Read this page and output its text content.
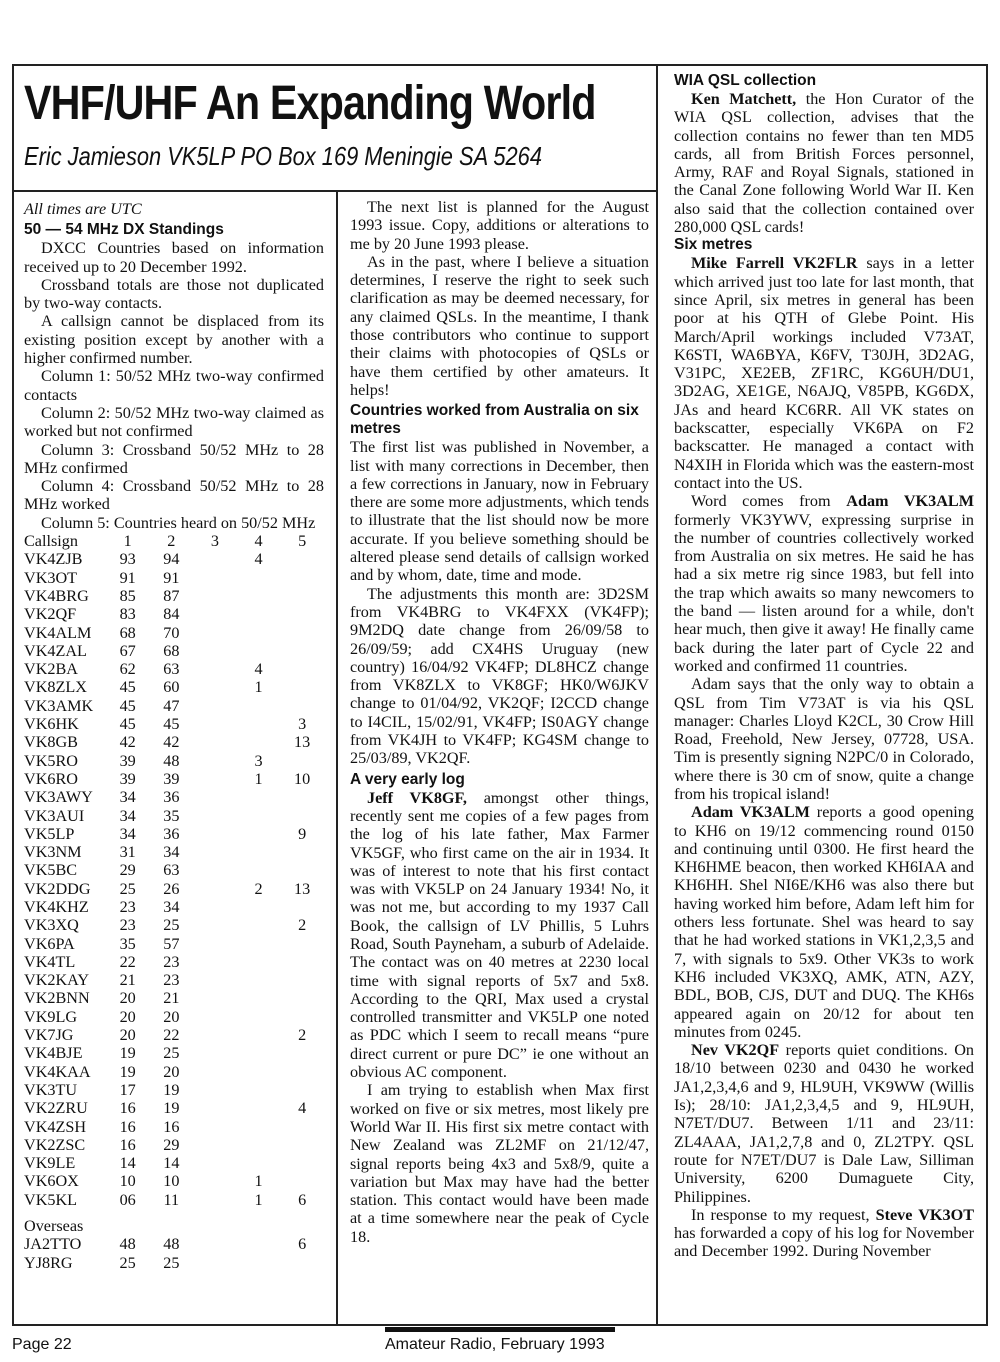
VHF/UHF An Expanding World
Eric Jamieson VK5LP PO Box 169 Meningie SA 5264

All times are UTC

50 — 54 MHz DX Standings

DXCC Countries based on information received up to 20 December 1992.

Crossband totals are those not duplicated by two-way contacts.

A callsign cannot be displaced from its existing position except by another with a higher confirmed number.

Column 1: 50/52 MHz two-way confirmed contacts

Column 2: 50/52 MHz two-way claimed as worked but not confirmed

Column 3: Crossband 50/52 MHz to 28 MHz confirmed

Column 4: Crossband 50/52 MHz to 28 MHz worked

Column 5: Countries heard on 50/52 MHz

Callsign	1	2	3	4	5
VK4ZJB	93	94		4	
VK3OT	91	91			
VK4BRG	85	87			
VK2QF	83	84			
VK4ALM	68	70			
VK4ZAL	67	68			
VK2BA	62	63		4	
VK8ZLX	45	60		1	
VK3AMK	45	47			
VK6HK	45	45			3
VK8GB	42	42			13
VK5RO	39	48		3	
VK6RO	39	39		1	10
VK3AWY	34	36			
VK3AUI	34	35			
VK5LP	34	36			9
VK3NM	31	34			
VK5BC	29	63			
VK2DDG	25	26		2	13
VK4KHZ	23	34			
VK3XQ	23	25			2
VK6PA	35	57			
VK4TL	22	23			
VK2KAY	21	23			
VK2BNN	20	21			
VK9LG	20	20			
VK7JG	20	22			2
VK4BJE	19	25			
VK4KAA	19	20			
VK3TU	17	19			
VK2ZRU	16	19			4
VK4ZSH	16	16			
VK2ZSC	16	29			
VK9LE	14	14			
VK6OX	10	10		1	
VK5KL	06	11		1	6
Overseas
JA2TTO	48	48			6
YJ8RG	25	25			

The next list is planned for the August 1993 issue. Copy, additions or alterations to me by 20 June 1993 please.

As in the past, where I believe a situation determines, I reserve the right to seek such clarification as may be deemed necessary, for any claimed QSLs. In the meantime, I thank those contributors who continue to support their claims with photocopies of QSLs or have them certified by other amateurs. It helps!

Countries worked from Australia on six metres

The first list was published in November, a list with many corrections in December, then a few corrections in January, now in February there are some more adjustments, which tends to illustrate that the list should now be more accurate. If you believe something should be altered please send details of callsign worked and by whom, date, time and mode.

The adjustments this month are: 3D2SM from VK4BRG to VK4FXX (VK4FP); 9M2DQ date change from 26/09/58 to 26/09/59; add CX4HS Uruguay (new country) 16/04/92 VK4FP; DL8HCZ change from VK8ZLX to VK8GF; HK0/W6JKV change to 01/04/92, VK2QF; I2CCD change to I4CIL, 15/02/91, VK4FP; IS0AGY change from VK4JH to VK4FP; KG4SM change to 25/03/89, VK2QF.

A very early log

Jeff VK8GF, amongst other things, recently sent me copies of a few pages from the log of his late father, Max Farmer VK5GF, who first came on the air in 1934. It was of interest to note that his first contact was with VK5LP on 24 January 1934! No, it was not me, but according to my 1937 Call Book, the callsign of LV Phillis, 5 Luhrs Road, South Payneham, a suburb of Adelaide. The contact was on 40 metres at 2230 local time with signal reports of 5x7 and 5x8. According to the QRI, Max used a crystal controlled transmitter and VK5LP one noted as PDC which I seem to recall means “pure direct current or pure DC” ie one without an obvious AC component.

I am trying to establish when Max first worked on five or six metres, most likely pre World War II. His first six metre contact with New Zealand was ZL2MF on 21/12/47, signal reports being 4x3 and 5x8/9, quite a variation but Max may have had the better station. This contact would have been made at a time somewhere near the peak of Cycle 18.

WIA QSL collection

Ken Matchett, the Hon Curator of the WIA QSL collection, advises that the collection contains no fewer than ten MD5 cards, all from British Forces personnel, Army, RAF and Royal Signals, stationed in the Canal Zone following World War II. Ken also said that the collection contained over 280,000 QSL cards!

Six metres

Mike Farrell VK2FLR says in a letter which arrived just too late for last month, that since April, six metres in general has been poor at his QTH of Glebe Point. His March/April workings included V73AT, K6STI, WA6BYA, K6FV, T30JH, 3D2AG, V31PC, XE2EB, ZF1RC, KG6UH/DU1, 3D2AG, XE1GE, N6AJQ, V85PB, KG6DX, JAs and heard KC6RR. All VK states on backscatter, especially VK6PA on F2 backscatter. He managed a contact with N4XIH in Florida which was the eastern-most contact into the US.

Word comes from Adam VK3ALM formerly VK3YWV, expressing surprise in the number of countries collectively worked from Australia on six metres. He said he has had a six metre rig since 1983, but fell into the trap which awaits so many newcomers to the band — listen around for a while, don't hear much, then give it away! He finally came back during the later part of Cycle 22 and worked and confirmed 11 countries.

Adam says that the only way to obtain a QSL from Tim V73AT is via his QSL manager: Charles Lloyd K2CL, 30 Crow Hill Road, Freehold, New Jersey, 07728, USA. Tim is presently signing N2PC/0 in Colorado, where there is 30 cm of snow, quite a change from his tropical island!

Adam VK3ALM reports a good opening to KH6 on 19/12 commencing round 0150 and continuing until 0300. He first heard the KH6HME beacon, then worked KH6IAA and KH6HH. Shel NI6E/KH6 was also there but having worked him before, Adam left him for others less fortunate. Shel was heard to say that he had worked stations in VK1,2,3,5 and 7, with signals to 5x9. Other VK3s to work KH6 included VK3XQ, AMK, ATN, AZY, BDL, BOB, CJS, DUT and DUQ. The KH6s appeared again on 20/12 for about ten minutes from 0245.

Nev VK2QF reports quiet conditions. On 18/10 between 0230 and 0430 he worked JA1,2,3,4,6 and 9, HL9UH, VK9WW (Willis Is); 28/10: JA1,2,3,4,5 and 9, HL9UH, N7ET/DU7. Between 1/11 and 23/11: ZL4AAA, JA1,2,7,8 and 0, ZL2TPY. QSL route for N7ET/DU7 is Dale Law, Silliman University, 6200 Dumaguete City, Philippines.

In response to my request, Steve VK3OT has forwarded a copy of his log for November and December 1992. During November

Page 22	Amateur Radio, February 1993
